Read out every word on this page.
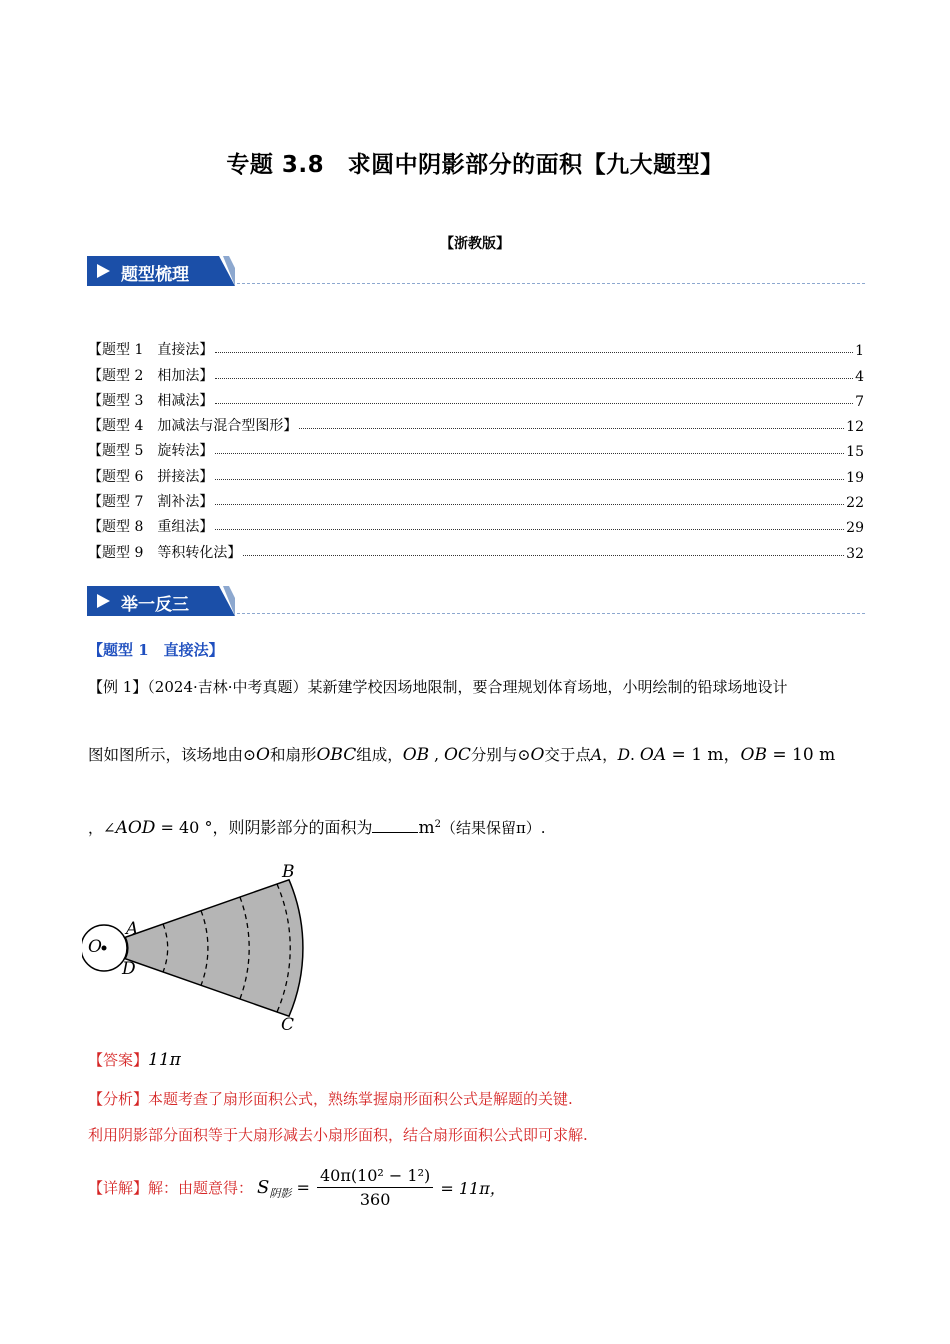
专题 3.8　求圆中阴影部分的面积【九大题型】
【浙教版】
题型梳理
【题型 1　直接法】	1
【题型 2　相加法】	4
【题型 3　相减法】	7
【题型 4　加减法与混合型图形】	12
【题型 5　旋转法】	15
【题型 6　拼接法】	19
【题型 7　割补法】	22
【题型 8　重组法】	29
【题型 9　等积转化法】	32
举一反三
【题型 1　直接法】
【例 1】（2024·吉林·中考真题）某新建学校因场地限制，要合理规划体育场地，小明绘制的铅球场地设计
图如图所示，该场地由⊙O和扇形OBC组成，OB , OC分别与⊙O交于点A，D. OA = 1 m，OB = 10 m
，∠AOD = 40 °，则阴影部分的面积为	$m^2$（结果保留π）.
O
A
D
B
C
【答案】11π
【分析】本题考查了扇形面积公式，熟练掌握扇形面积公式是解题的关键.
利用阴影部分面积等于大扇形减去小扇形面积，结合扇形面积公式即可求解.
【详解】 解：由题意得： $S_{阴影} = \frac{\text{40π(10² − 1²)}}{360} = 11\pi$，
